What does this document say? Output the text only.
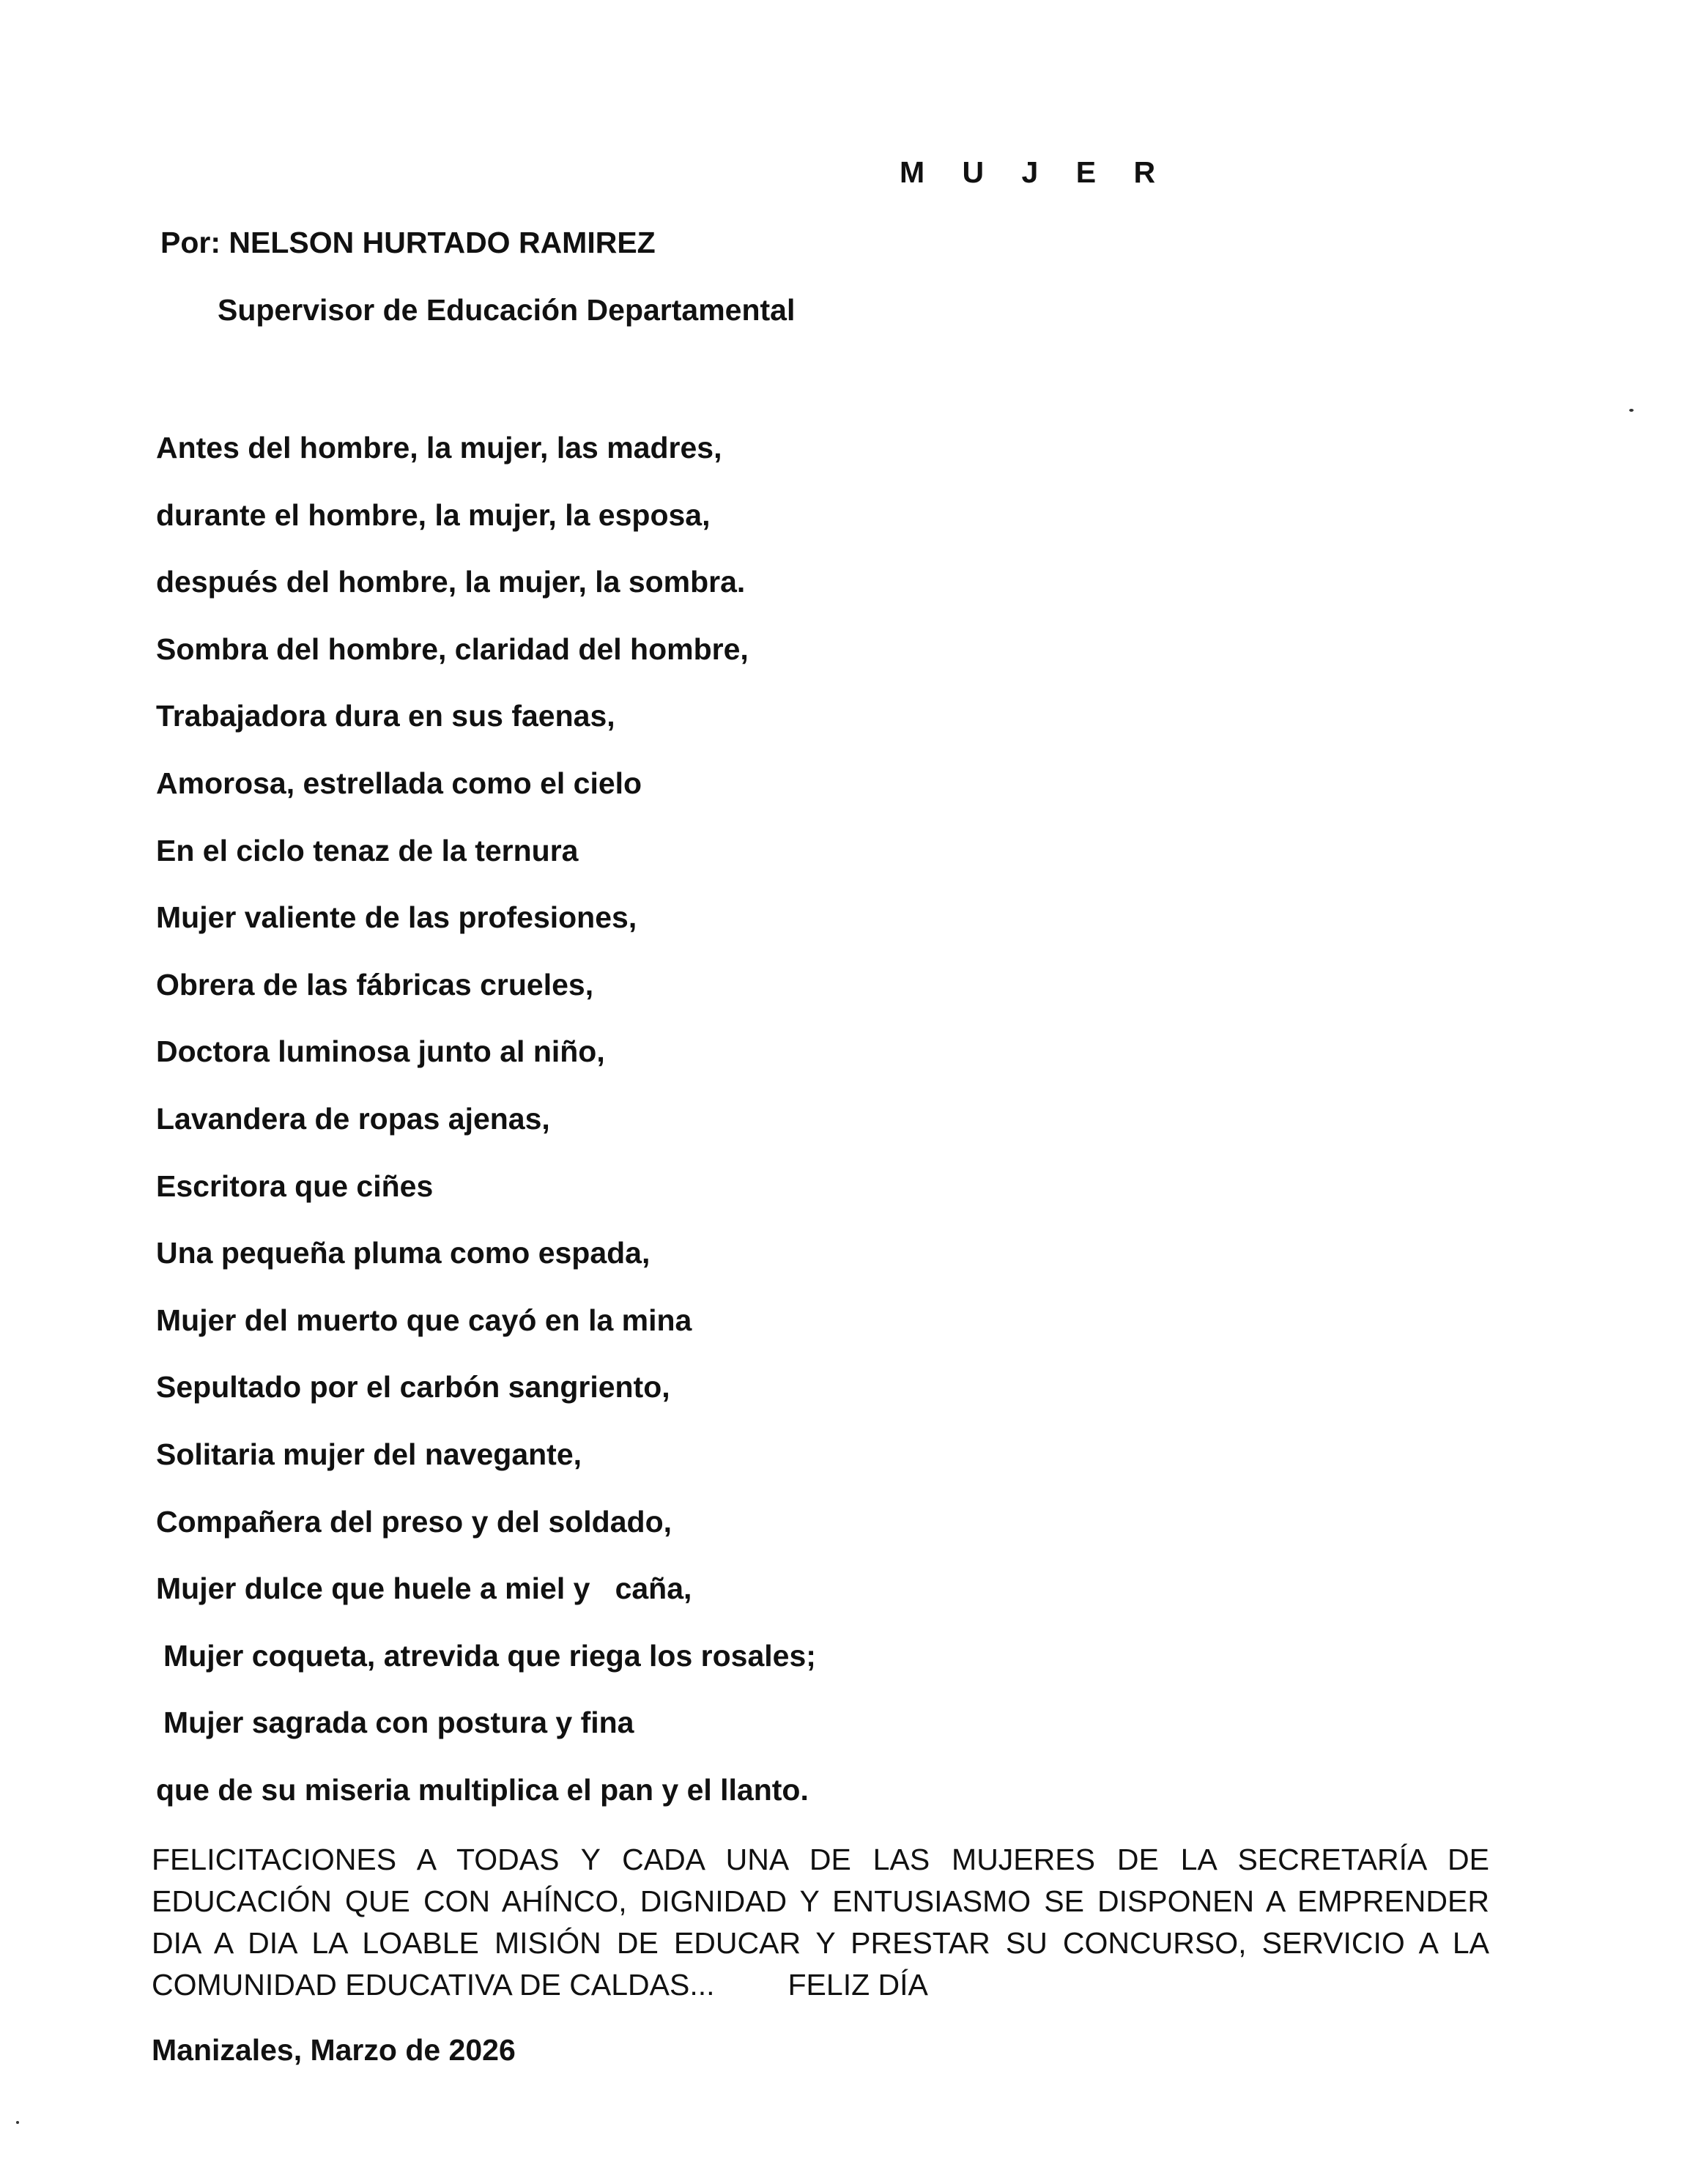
M U J E R
Por: NELSON HURTADO RAMIREZ
Supervisor de Educación Departamental
Antes del hombre, la mujer, las madres,
durante el hombre, la mujer, la esposa,
después del hombre, la mujer, la sombra.
Sombra del hombre, claridad del hombre,
Trabajadora dura en sus faenas,
Amorosa, estrellada como el cielo
En el ciclo tenaz de la ternura
Mujer valiente de las profesiones,
Obrera de las fábricas crueles,
Doctora luminosa junto al niño,
Lavandera de ropas ajenas,
Escritora que ciñes
Una pequeña pluma como espada,
Mujer del muerto que cayó en la mina
Sepultado por el carbón sangriento,
Solitaria mujer del navegante,
Compañera del preso y del soldado,
Mujer dulce que huele a miel y   caña,
Mujer coqueta, atrevida que riega los rosales;
Mujer sagrada con postura y fina
que de su miseria multiplica el pan y el llanto.
FELICITACIONES A TODAS Y CADA UNA DE LAS MUJERES DE LA SECRETARÍA DE EDUCACIÓN QUE CON AHÍNCO, DIGNIDAD Y ENTUSIASMO SE DISPONEN A EMPRENDER DIA A DIA LA LOABLE MISIÓN DE EDUCAR Y PRESTAR SU CONCURSO, SERVICIO A LA COMUNIDAD EDUCATIVA DE CALDAS... FELIZ DÍA
Manizales, Marzo de 2026
